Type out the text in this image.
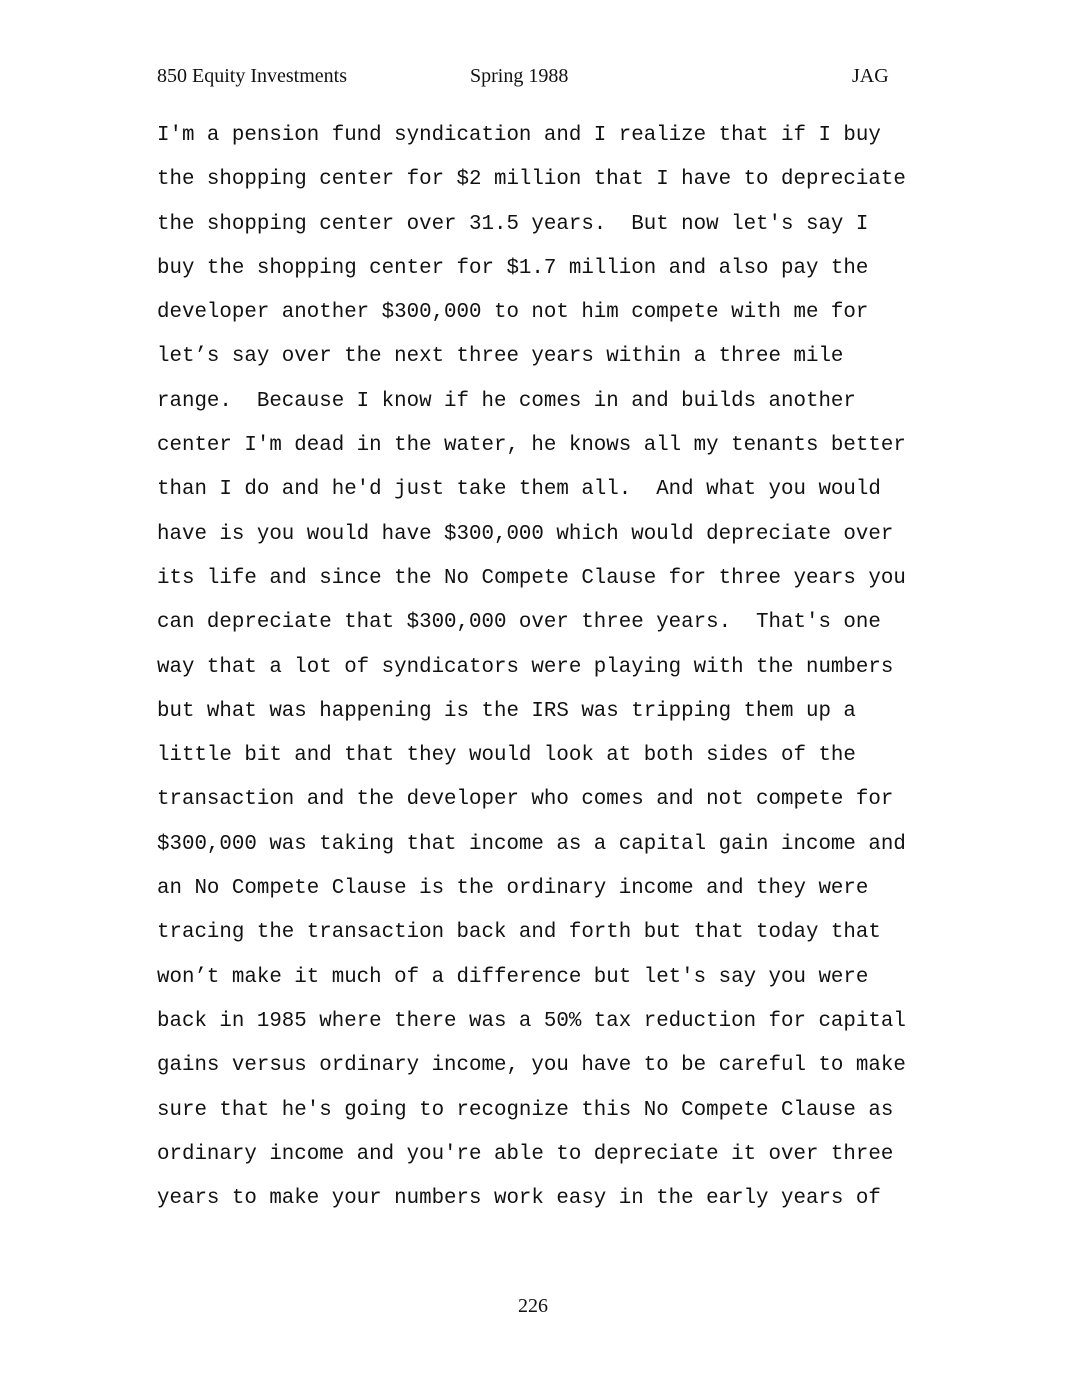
850 Equity Investments	Spring 1988	JAG
I'm a pension fund syndication and I realize that if I buy
the shopping center for $2 million that I have to depreciate
the shopping center over 31.5 years.  But now let's say I
buy the shopping center for $1.7 million and also pay the
developer another $300,000 to not him compete with me for
let’s say over the next three years within a three mile
range.  Because I know if he comes in and builds another
center I'm dead in the water, he knows all my tenants better
than I do and he'd just take them all.  And what you would
have is you would have $300,000 which would depreciate over
its life and since the No Compete Clause for three years you
can depreciate that $300,000 over three years.  That's one
way that a lot of syndicators were playing with the numbers
but what was happening is the IRS was tripping them up a
little bit and that they would look at both sides of the
transaction and the developer who comes and not compete for
$300,000 was taking that income as a capital gain income and
an No Compete Clause is the ordinary income and they were
tracing the transaction back and forth but that today that
won’t make it much of a difference but let's say you were
back in 1985 where there was a 50% tax reduction for capital
gains versus ordinary income, you have to be careful to make
sure that he's going to recognize this No Compete Clause as
ordinary income and you're able to depreciate it over three
years to make your numbers work easy in the early years of
226
